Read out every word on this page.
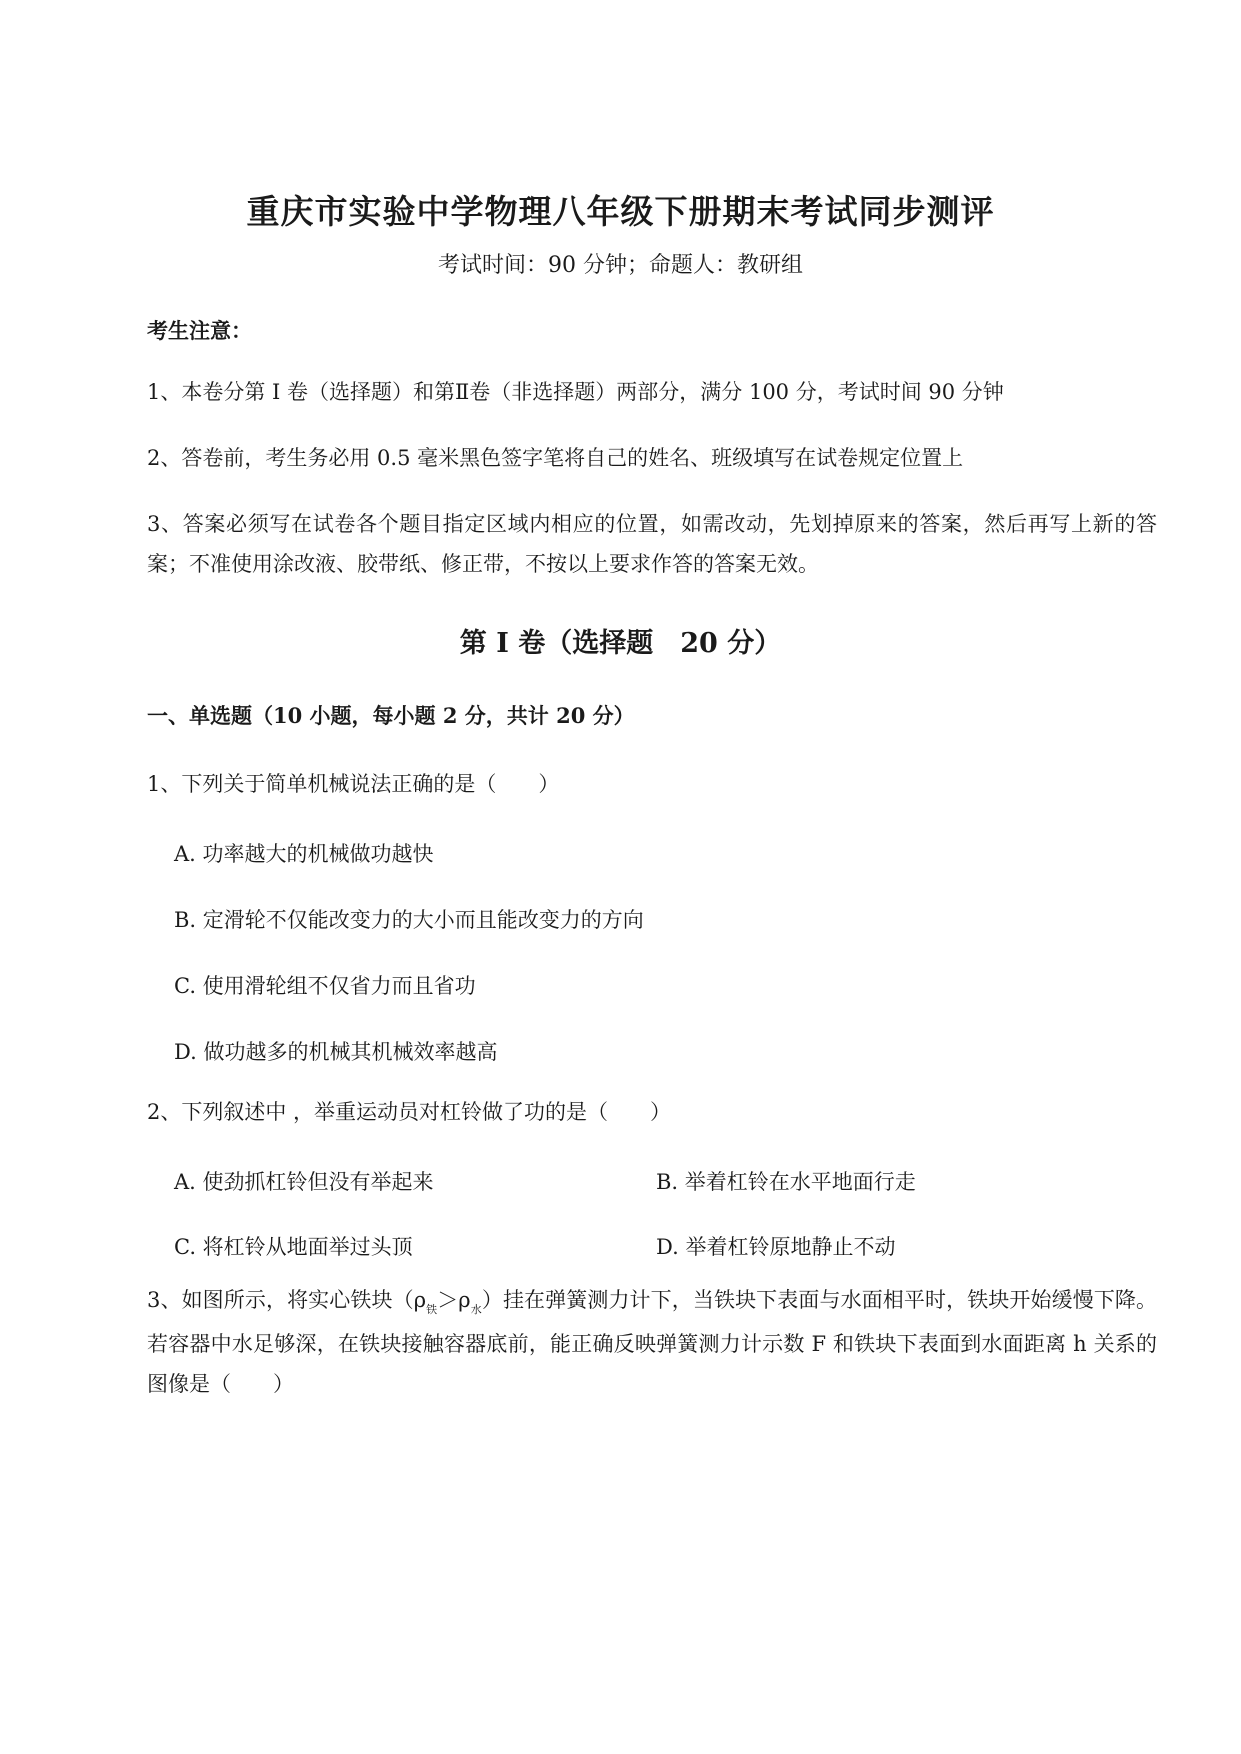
重庆市实验中学物理八年级下册期末考试同步测评
考试时间：90 分钟；命题人：教研组
考生注意：
1、本卷分第 I 卷（选择题）和第Ⅱ卷（非选择题）两部分，满分 100 分，考试时间 90 分钟
2、答卷前，考生务必用 0.5 毫米黑色签字笔将自己的姓名、班级填写在试卷规定位置上
3、答案必须写在试卷各个题目指定区域内相应的位置，如需改动，先划掉原来的答案，然后再写上新的答案；不准使用涂改液、胶带纸、修正带，不按以上要求作答的答案无效。
第 I 卷（选择题　20 分）
一、单选题（10 小题，每小题 2 分，共计 20 分）
1、下列关于简单机械说法正确的是（　　）
A. 功率越大的机械做功越快
B. 定滑轮不仅能改变力的大小而且能改变力的方向
C. 使用滑轮组不仅省力而且省功
D. 做功越多的机械其机械效率越高
2、下列叙述中 ，举重运动员对杠铃做了功的是（　　）
A. 使劲抓杠铃但没有举起来	B. 举着杠铃在水平地面行走
C. 将杠铃从地面举过头顶	D. 举着杠铃原地静止不动
3、如图所示，将实心铁块$(\rho_铁>\rho_水)$挂在弹簧测力计下，当铁块下表面与水面相平时，铁块开始缓慢下降。若容器中水足够深，在铁块接触容器底前，能正确反映弹簧测力计示数 F 和铁块下表面到水面距离 h 关系的图像是（　　）
